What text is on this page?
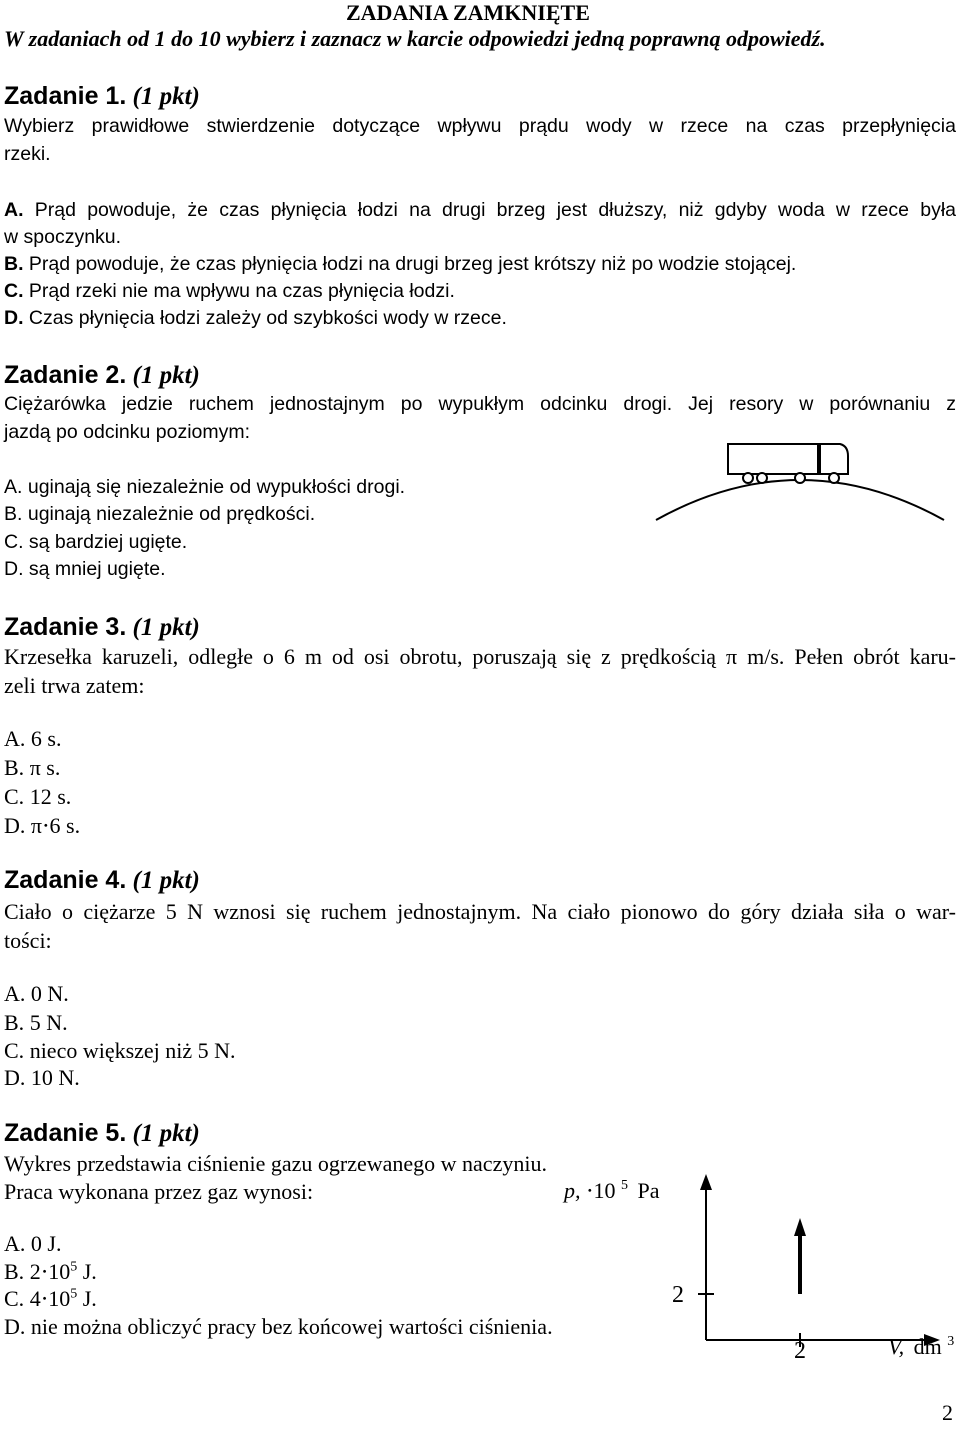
ZADANIA ZAMKNIĘTE
W zadaniach od 1 do 10 wybierz i zaznacz w karcie odpowiedzi jedną poprawną odpowiedź.
Zadanie 1. (1 pkt)
Wybierz prawidłowe stwierdzenie dotyczące wpływu prądu wody w rzece na czas przepłynięcia
rzeki.
A. Prąd powoduje, że czas płynięcia łodzi na drugi brzeg jest dłuższy, niż gdyby woda w rzece była
w spoczynku.
B. Prąd powoduje, że czas płynięcia łodzi na drugi brzeg jest krótszy niż po wodzie stojącej.
C. Prąd rzeki nie ma wpływu na czas płynięcia łodzi.
D. Czas płynięcia łodzi zależy od szybkości wody w rzece.
Zadanie 2. (1 pkt)
Ciężarówka jedzie ruchem jednostajnym po wypukłym odcinku drogi. Jej resory w porównaniu z
jazdą po odcinku poziomym:
A. uginają się niezależnie od wypukłości drogi.
B. uginają niezależnie od prędkości.
C. są bardziej ugięte.
D. są mniej ugięte.
Zadanie 3. (1 pkt)
Krzesełka karuzeli, odległe o 6 m od osi obrotu, poruszają się z prędkością π m/s. Pełen obrót karu-
zeli trwa zatem:
A. 6 s.
B. π s.
C. 12 s.
D. π⋅6 s.
Zadanie 4. (1 pkt)
Ciało o ciężarze 5 N wznosi się ruchem jednostajnym. Na ciało pionowo do góry działa siła o war-
tości:
A. 0 N.
B. 5 N.
C. nieco większej niż 5 N.
D. 10 N.
Zadanie 5. (1 pkt)
Wykres przedstawia ciśnienie gazu ogrzewanego w naczyniu.
Praca wykonana przez gaz wynosi:
A. 0 J.
B. $2\cdot 10^5$ J.
C. $4\cdot 10^5$ J.
D. nie można obliczyć pracy bez końcowej wartości ciśnienia.
2
2
p, ⋅10 $^5$ Pa
V, dm $^3$
2
